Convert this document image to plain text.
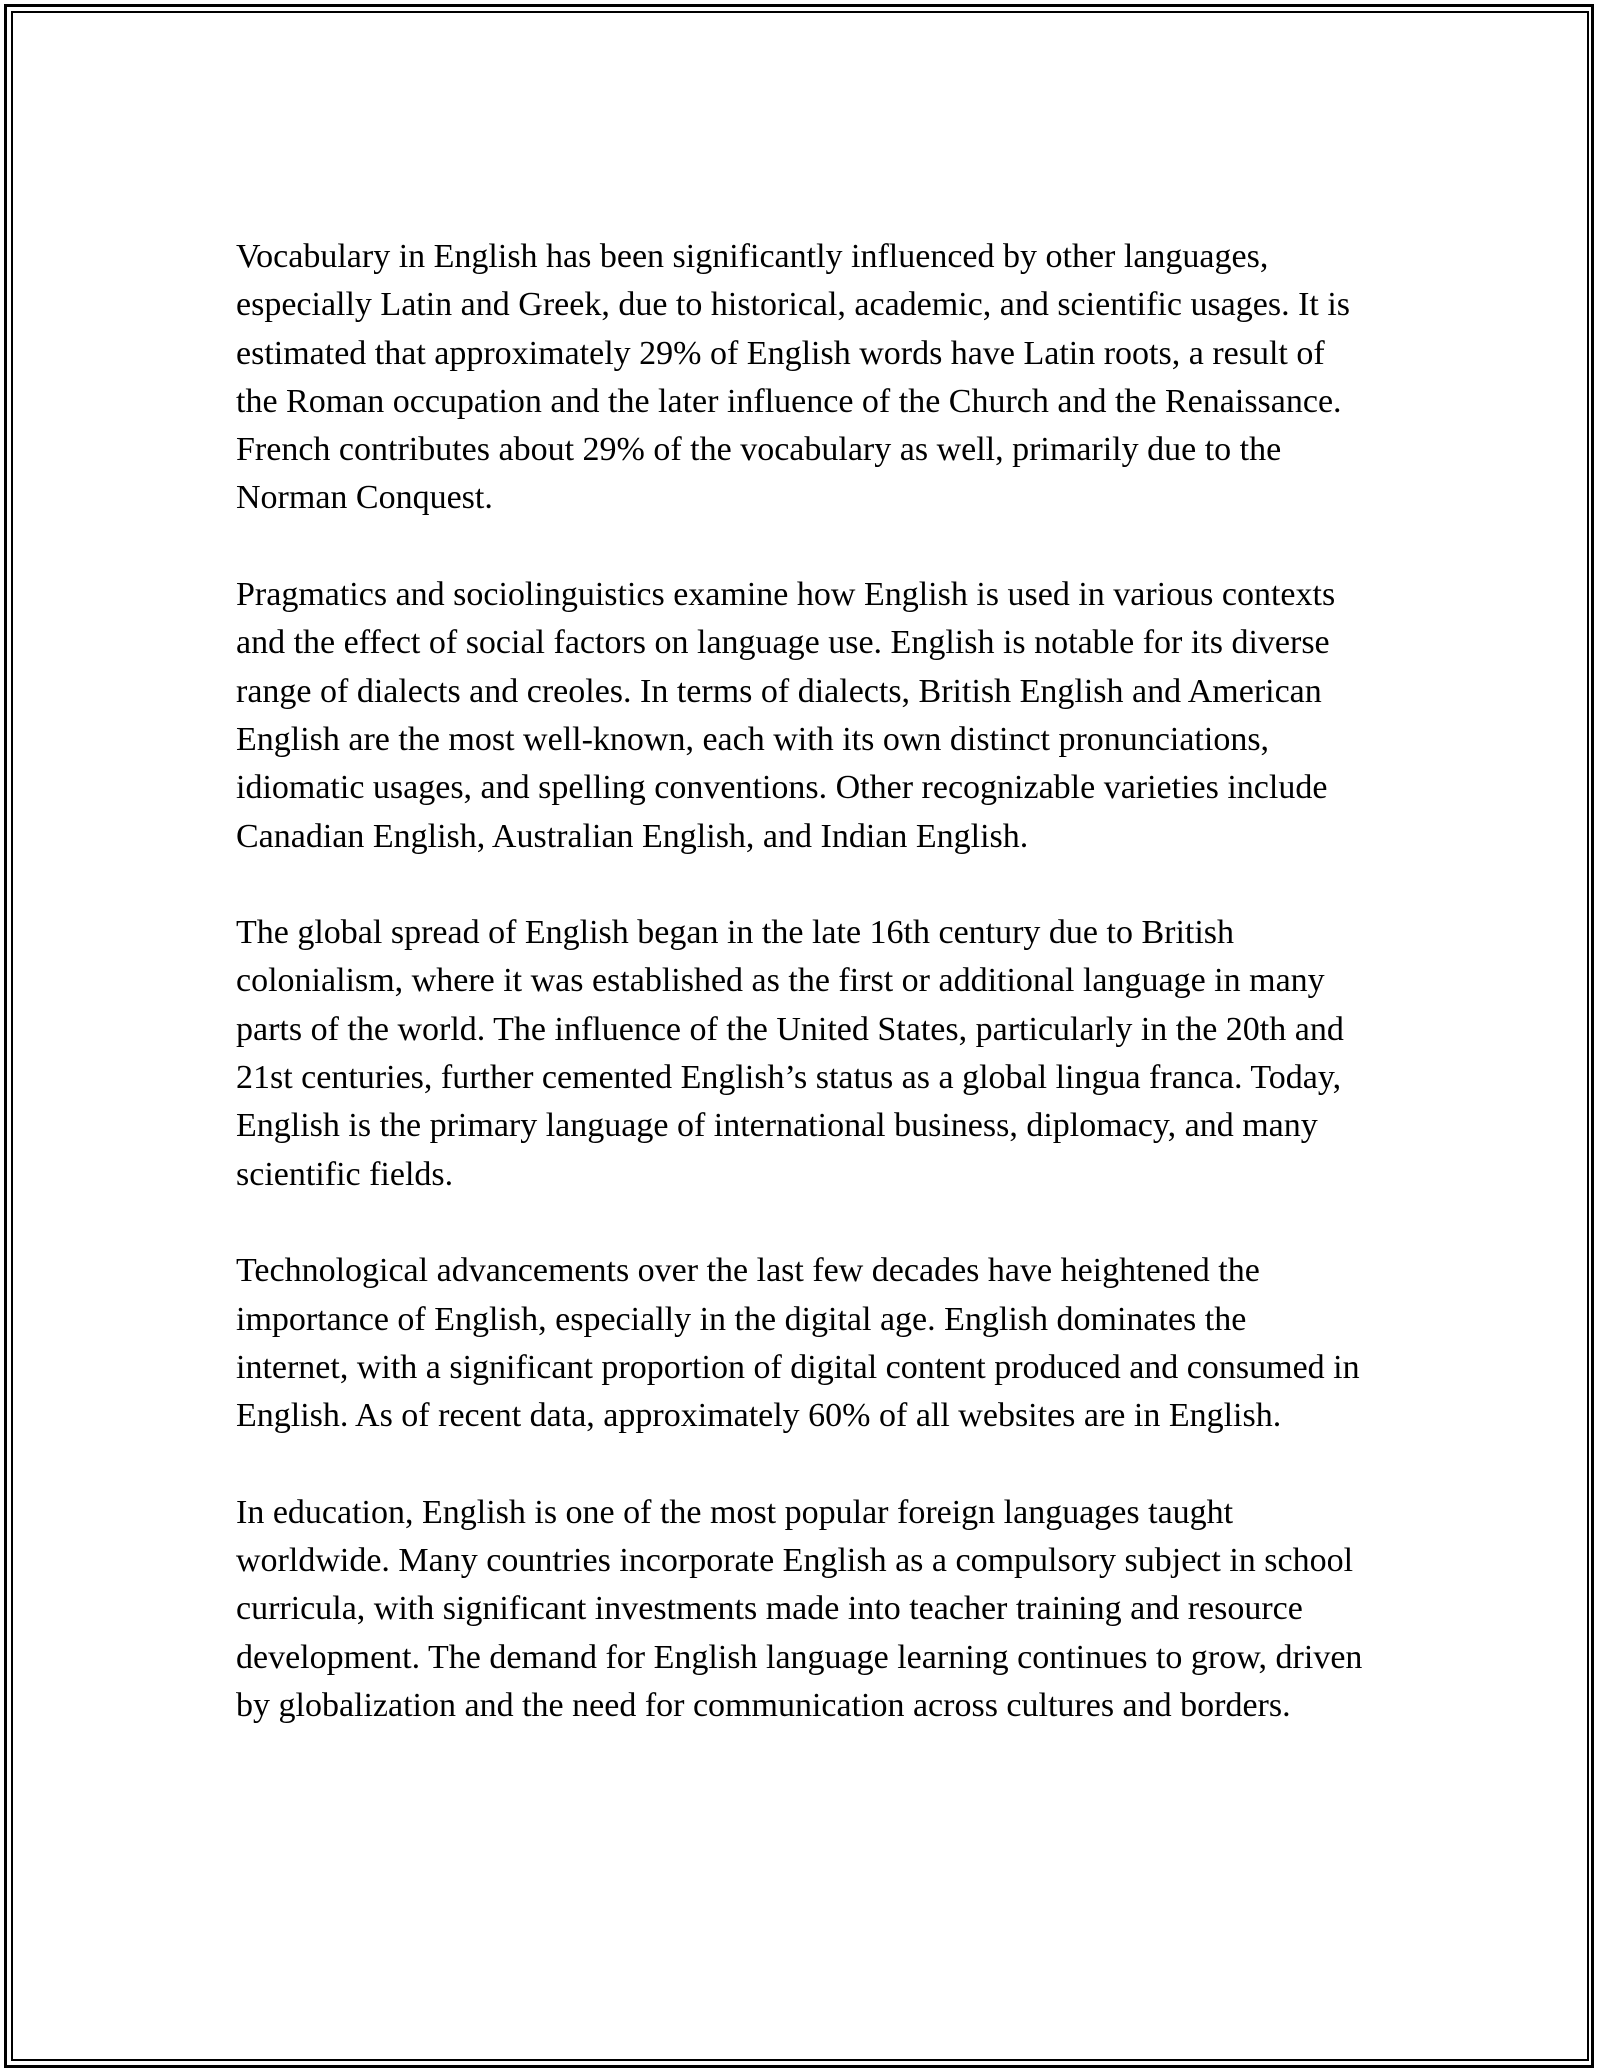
Vocabulary in English has been significantly influenced by other languages, especially Latin and Greek, due to historical, academic, and scientific usages. It is estimated that approximately 29% of English words have Latin roots, a result of the Roman occupation and the later influence of the Church and the Renaissance. French contributes about 29% of the vocabulary as well, primarily due to the Norman Conquest.

Pragmatics and sociolinguistics examine how English is used in various contexts and the effect of social factors on language use. English is notable for its diverse range of dialects and creoles. In terms of dialects, British English and American English are the most well-known, each with its own distinct pronunciations, idiomatic usages, and spelling conventions. Other recognizable varieties include Canadian English, Australian English, and Indian English.

The global spread of English began in the late 16th century due to British colonialism, where it was established as the first or additional language in many parts of the world. The influence of the United States, particularly in the 20th and 21st centuries, further cemented English’s status as a global lingua franca. Today, English is the primary language of international business, diplomacy, and many scientific fields.

Technological advancements over the last few decades have heightened the importance of English, especially in the digital age. English dominates the internet, with a significant proportion of digital content produced and consumed in English. As of recent data, approximately 60% of all websites are in English.

In education, English is one of the most popular foreign languages taught worldwide. Many countries incorporate English as a compulsory subject in school curricula, with significant investments made into teacher training and resource development. The demand for English language learning continues to grow, driven by globalization and the need for communication across cultures and borders.
